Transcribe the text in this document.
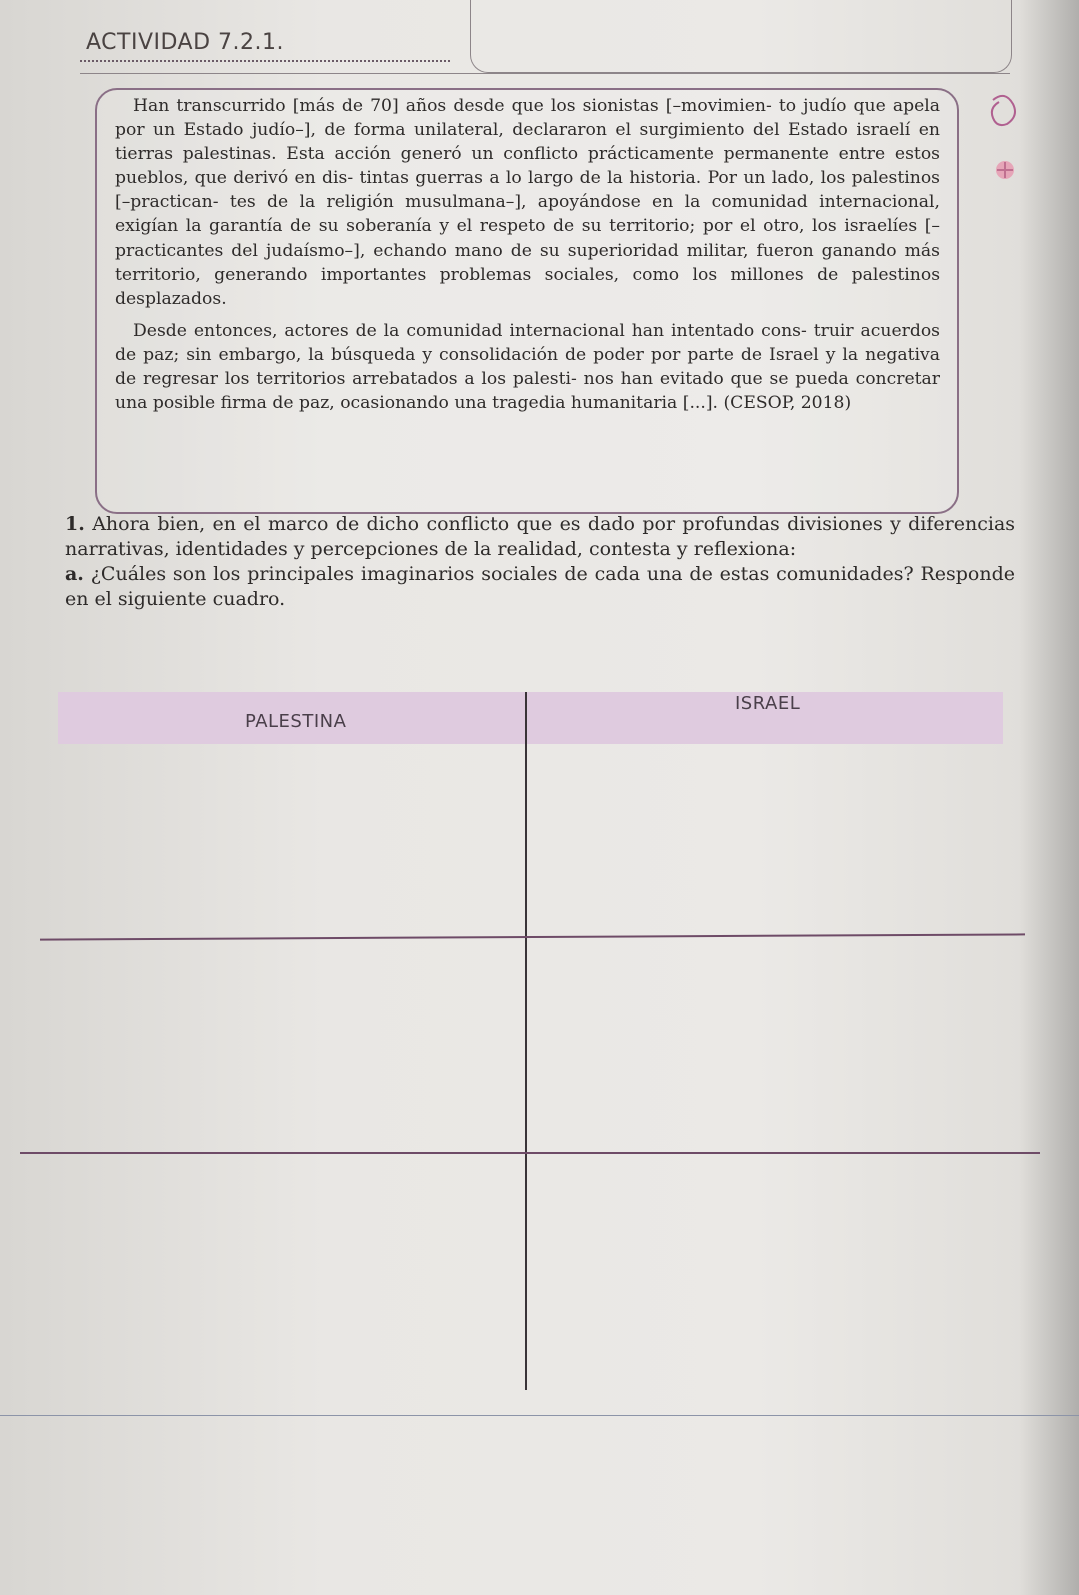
ACTIVIDAD 7.2.1.

Han transcurrido [más de 70] años desde que los sionistas [–movimien- to judío que apela por un Estado judío–], de forma unilateral, declararon el surgimiento del Estado israelí en tierras palestinas. Esta acción generó un conflicto prácticamente permanente entre estos pueblos, que derivó en dis- tintas guerras a lo largo de la historia. Por un lado, los palestinos [–practican- tes de la religión musulmana–], apoyándose en la comunidad internacional, exigían la garantía de su soberanía y el respeto de su territorio; por el otro, los israelíes [–practicantes del judaísmo–], echando mano de su superioridad militar, fueron ganando más territorio, generando importantes problemas sociales, como los millones de palestinos desplazados.

Desde entonces, actores de la comunidad internacional han intentado cons- truir acuerdos de paz; sin embargo, la búsqueda y consolidación de poder por parte de Israel y la negativa de regresar los territorios arrebatados a los palesti- nos han evitado que se pueda concretar una posible firma de paz, ocasionando una tragedia humanitaria [...]. (CESOP, 2018)

1. Ahora bien, en el marco de dicho conflicto que es dado por profundas divisiones y diferencias narrativas, identidades y percepciones de la realidad, contesta y reflexiona:

a. ¿Cuáles son los principales imaginarios sociales de cada una de estas comunidades? Responde en el siguiente cuadro.

PALESTINA
ISRAEL
